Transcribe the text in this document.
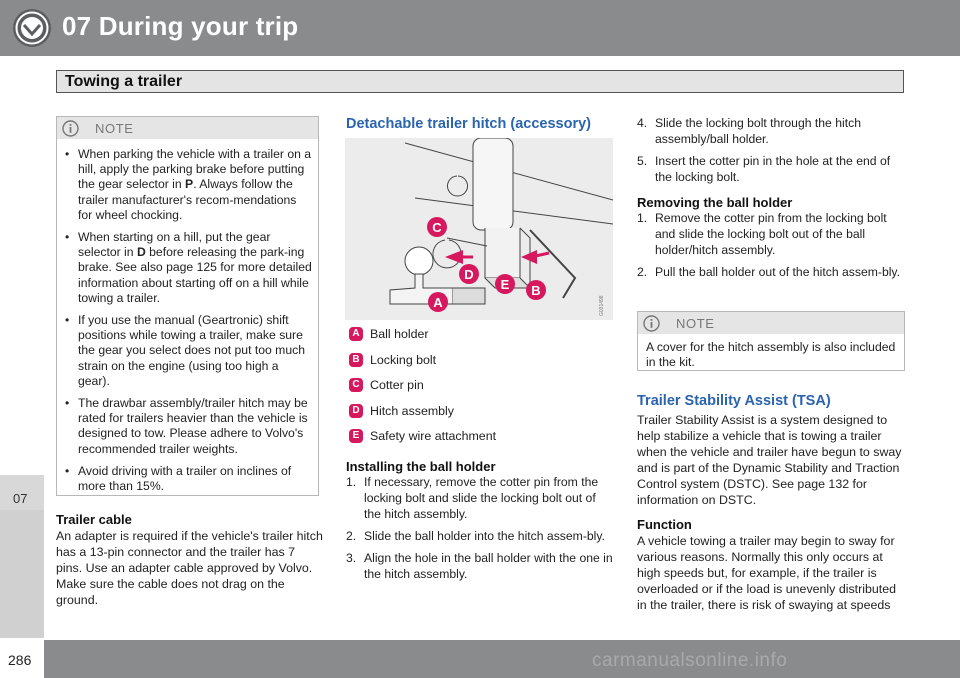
07 During your trip
Towing a trailer
07
NOTE
• When parking the vehicle with a trailer on a hill, apply the parking brake before putting the gear selector in P. Always follow the trailer manufacturer's recom-mendations for wheel chocking.
• When starting on a hill, put the gear selector in D before releasing the park-ing brake. See also page 125 for more detailed information about starting off on a hill while towing a trailer.
• If you use the manual (Geartronic) shift positions while towing a trailer, make sure the gear you select does not put too much strain on the engine (using too high a gear).
• The drawbar assembly/trailer hitch may be rated for trailers heavier than the vehicle is designed to tow. Please adhere to Volvo's recommended trailer weights.
• Avoid driving with a trailer on inclines of more than 15%.
Trailer cable
An adapter is required if the vehicle's trailer hitch has a 13-pin connector and the trailer has 7 pins. Use an adapter cable approved by Volvo. Make sure the cable does not drag on the ground.
Detachable trailer hitch (accessory)
C
D
E B
A	G031498
A Ball holder
B Locking bolt
C Cotter pin
D Hitch assembly
E Safety wire attachment
Installing the ball holder
1. If necessary, remove the cotter pin from the locking bolt and slide the locking bolt out of the hitch assembly.
2. Slide the ball holder into the hitch assem-bly.
3. Align the hole in the ball holder with the one in the hitch assembly.
4. Slide the locking bolt through the hitch assembly/ball holder.
5. Insert the cotter pin in the hole at the end of the locking bolt.
Removing the ball holder
1. Remove the cotter pin from the locking bolt and slide the locking bolt out of the ball holder/hitch assembly.
2. Pull the ball holder out of the hitch assem-bly.
NOTE
A cover for the hitch assembly is also included in the kit.
Trailer Stability Assist (TSA)
Trailer Stability Assist is a system designed to help stabilize a vehicle that is towing a trailer when the vehicle and trailer have begun to sway and is part of the Dynamic Stability and Traction Control system (DSTC). See page 132 for information on DSTC.
Function
A vehicle towing a trailer may begin to sway for various reasons. Normally this only occurs at high speeds but, for example, if the trailer is overloaded or if the load is unevenly distributed in the trailer, there is risk of swaying at speeds
286	carmanualsonline.info
